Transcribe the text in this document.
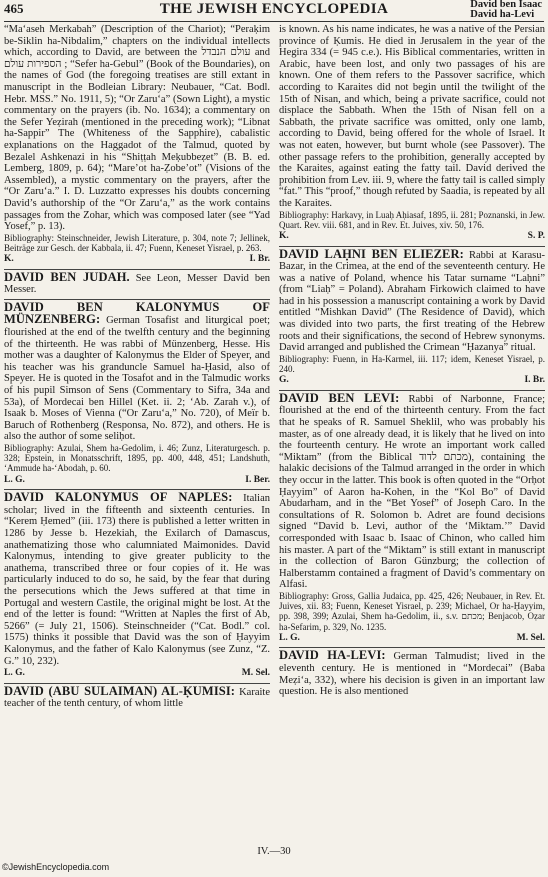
465	THE JEWISH ENCYCLOPEDIA	David ben Isaac
David ha-Levi

“Ma‘aseh Merkabah” (Description of the Chariot); “Peraḳim be-Siklin ha-Nibdalim,” chapters on the individual intellects which, according to David, are between the עולם הנבדל and הספירות עולם ; “Sefer ha-Gebul” (Book of the Boundaries), on the names of God (the foregoing treatises are still extant in manuscript in the Bodleian Library: Neubauer, “Cat. Bodl. Hebr. MSS.” No. 1911, 5); “Or Zaru‘a” (Sown Light), a mystic commentary on the prayers (ib. No. 1634); a commentary on the Sefer Yeẓirah (mentioned in the preceding work); “Libnat ha-Sappir” The (Whiteness of the Sapphire), cabalistic explanations on the Haggadot of the Talmud, quoted by Bezalel Ashkenazi in his “Shiṭṭah Meḳubbeẓet” (B. B. ed. Lemberg, 1809, p. 64); “Mare’ot ha-Ẓobe’ot” (Visions of the Assembled), a mystic commentary on the prayers, after the “Or Zaru‘a.” I. D. Luzzatto expresses his doubts concerning David’s authorship of the “Or Zaru‘a,” as the work contains passages from the Zohar, which was composed later (see “Yad Yosef,” p. 13).

Bibliography: Steinschneider, Jewish Literature, p. 304, note 7; Jellinek, Beiträge zur Gesch. der Kabbala, ii. 47; Fuenn, Keneset Yisrael, p. 263.

K.	I. Br.

DAVID BEN JUDAH. See Leon, Messer David ben Messer.

DAVID BEN KALONYMUS OF MÜNZENBERG: German Tosafist and liturgical poet; flourished at the end of the twelfth century and the beginning of the thirteenth. He was rabbi of Münzenberg, Hesse. His mother was a daughter of Kalonymus the Elder of Speyer, and his teacher was his granduncle Samuel ha-Ḥasid, also of Speyer. He is quoted in the Tosafot and in the Talmudic works of his pupil Simson of Sens (Commentary to Sifra, 34a and 53a), of Mordecai ben Hillel (Ket. ii. 2; ‘Ab. Zarah v.), of Isaak b. Moses of Vienna (“Or Zaru‘a,” No. 720), of Meïr b. Baruch of Rothenberg (Responsa, No. 872), and others. He is also the author of some seliḥot.

Bibliography: Azulai, Shem ha-Gedolim, i. 46; Zunz, Literaturgesch. p. 328; Epstein, in Monatsschrift, 1895, pp. 400, 448, 451; Landshuth, ‘Ammude ha-‘Abodah, p. 60.

L. G.	I. Ber.

DAVID KALONYMUS OF NAPLES: Italian scholar; lived in the fifteenth and sixteenth centuries. In “Kerem Ḥemed” (iii. 173) there is published a letter written in 1286 by Jesse b. Hezekiah, the Exilarch of Damascus, anathematizing those who calumniated Maimonides. David Kalonymus, intending to give greater publicity to the anathema, transcribed three or four copies of it. He was particularly induced to do so, he said, by the fear that during the persecutions which the Jews suffered at that time in Portugal and western Castile, the original might be lost. At the end of the letter is found: “Written at Naples the first of Ab, 5266” (= July 21, 1506). Steinschneider (“Cat. Bodl.” col. 1575) thinks it possible that David was the son of Ḥayyim Kalonymus, and the father of Kalo Kalonymus (see Zunz, “Z. G.” 10, 232).

L. G.	M. Sel.

DAVID (ABU SULAIMAN) AL-ḲUMISI: Karaite teacher of the tenth century, of whom little

is known. As his name indicates, he was a native of the Persian province of Ḳumis. He died in Jerusalem in the year of the Hegira 334 (= 945 c.e.). His Biblical commentaries, written in Arabic, have been lost, and only two passages of his are known. One of them refers to the Passover sacrifice, which according to Karaites did not begin until the twilight of the 15th of Nisan, and which, being a private sacrifice, could not displace the Sabbath. When the 15th of Nisan fell on a Sabbath, the private sacrifice was omitted, only one lamb, according to David, being offered for the whole of Israel. It was not eaten, however, but burnt whole (see Passover). The other passage refers to the prohibition, generally accepted by the Karaites, against eating the fatty tail. David derived the prohibition from Lev. iii. 9, where the fatty tail is called simply “fat.” This “proof,” though refuted by Saadia, is repeated by all the Karaites.

Bibliography: Harkavy, in Luaḥ Aḥiasaf, 1895, ii. 281; Poznanski, in Jew. Quart. Rev. viii. 681, and in Rev. Et. Juives, xiv. 50, 176.

K.	S. P.

DAVID LAḤNI BEN ELIEZER: Rabbi at Karasu-Bazar, in the Crimea, at the end of the seventeenth century. He was a native of Poland, whence his Tatar surname “Laḥni” (from “Liaḥ” = Poland). Abraham Firkowich claimed to have had in his possession a manuscript containing a work by David entitled “Mishkan David” (The Residence of David), which was divided into two parts, the first treating of the Hebrew roots and their significations, the second of Hebrew synonyms. David arranged and published the Crimean “Ḥazanya” ritual.

Bibliography: Fuenn, in Ha-Karmel, iii. 117; idem, Keneset Yisrael, p. 240.

G.	I. Br.

DAVID BEN LEVI: Rabbi of Narbonne, France; flourished at the end of the thirteenth century. From the fact that he speaks of R. Samuel Sheklil, who was probably his master, as of one already dead, it is likely that he lived on into the fourteenth century. He wrote an important work called “Miktam” (from the Biblical מכתם לדוד), containing the halakic decisions of the Talmud arranged in the order in which they occur in the latter. This book is often quoted in the “Orḥot Ḥayyim” of Aaron ha-Kohen, in the “Kol Bo” of David Abudarham, and in the “Bet Yosef” of Joseph Caro. In the consultations of R. Solomon b. Adret are found decisions signed “David b. Levi, author of the ‘Miktam.’” David corresponded with Isaac b. Isaac of Chinon, who called him his master. A part of the “Miktam” is still extant in manuscript in the collection of Baron Günzburg; the collection of Halberstamm contained a fragment of David’s commentary on Alfasi.

Bibliography: Gross, Gallia Judaica, pp. 425, 426; Neubauer, in Rev. Et. Juives, xii. 83; Fuenn, Keneset Yisrael, p. 239; Michael, Or ha-Ḥayyim, pp. 398, 399; Azulai, Shem ha-Gedolim, ii., s.v. מכתם; Benjacob, Oẓar ha-Sefarim, p. 329, No. 1235.

L. G.	M. Sel.

DAVID HA-LEVI: German Talmudist; lived in the eleventh century. He is mentioned in “Mordecai” (Baba Meẓi‘a, 332), where his decision is given in an important law question. He is also mentioned

IV.—30
©JewishEncyclopedia.com
